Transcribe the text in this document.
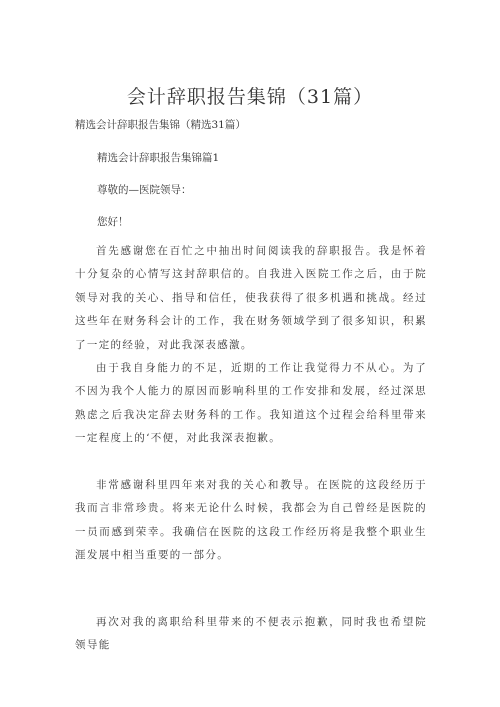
会计辞职报告集锦（31篇）

精选会计辞职报告集锦（精选31篇）

精选会计辞职报告集锦篇1

尊敬的—医院领导：

您好！

首先感谢您在百忙之中抽出时间阅读我的辞职报告。我是怀着十分复杂的心情写这封辞职信的。自我进入医院工作之后，由于院领导对我的关心、指导和信任，使我获得了很多机遇和挑战。经过这些年在财务科会计的工作，我在财务领域学到了很多知识，积累了一定的经验，对此我深表感激。

由于我自身能力的不足，近期的工作让我觉得力不从心。为了不因为我个人能力的原因而影响科里的工作安排和发展，经过深思熟虑之后我决定辞去财务科的工作。我知道这个过程会给科里带来一定程度上的‘不便，对此我深表抱歉。

非常感谢科里四年来对我的关心和教导。在医院的这段经历于我而言非常珍贵。将来无论什么时候，我都会为自己曾经是医院的一员而感到荣幸。我确信在医院的这段工作经历将是我整个职业生涯发展中相当重要的一部分。

再次对我的离职给科里带来的不便表示抱歉，同时我也希望院领导能
